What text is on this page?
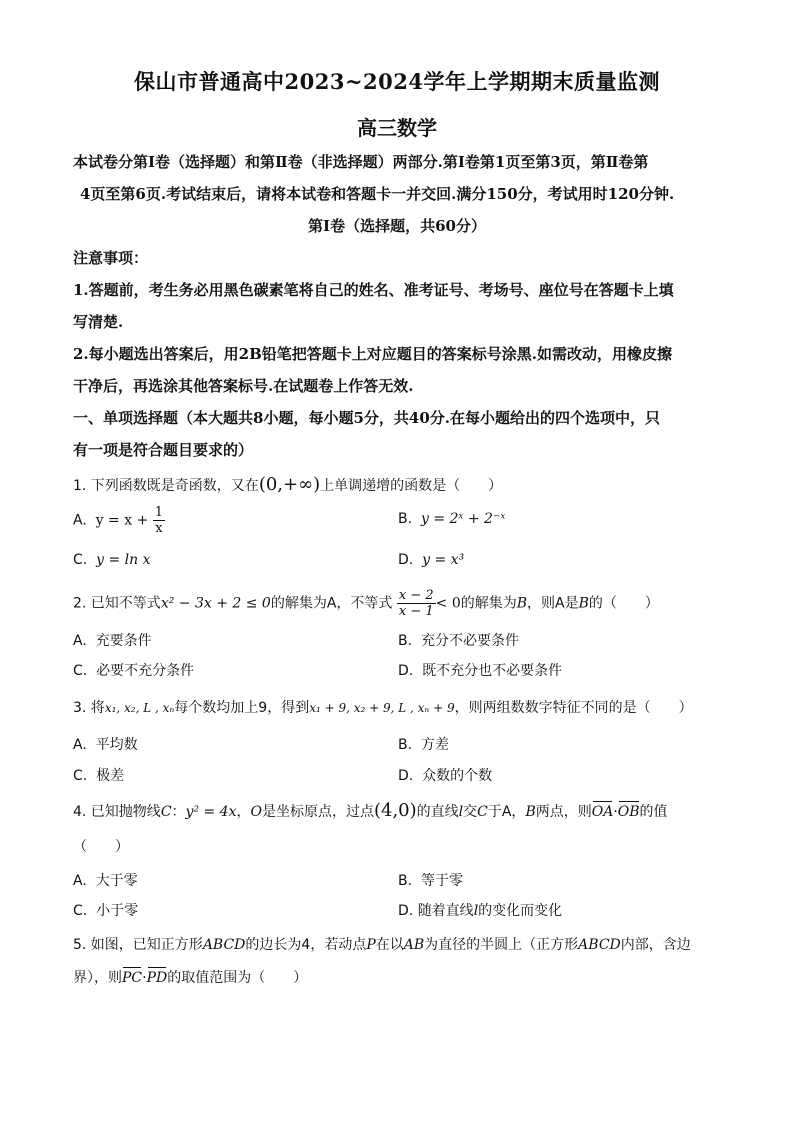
保山市普通高中2023~2024学年上学期期末质量监测
高三数学
本试卷分第Ⅰ卷（选择题）和第Ⅱ卷（非选择题）两部分.第Ⅰ卷第1页至第3页，第Ⅱ卷第
4页至第6页.考试结束后，请将本试卷和答题卡一并交回.满分150分，考试用时120分钟.
第Ⅰ卷（选择题，共60分）
注意事项：
1.答题前，考生务必用黑色碳素笔将自己的姓名、准考证号、考场号、座位号在答题卡上填
写清楚.
2.每小题选出答案后，用2B铅笔把答题卡上对应题目的答案标号涂黑.如需改动，用橡皮擦
干净后，再选涂其他答案标号.在试题卷上作答无效.
一、单项选择题（本大题共8小题，每小题5分，共40分.在每小题给出的四个选项中，只
有一项是符合题目要求的）
1. 下列函数既是奇函数，又在(0,+∞)上单调递增的函数是（　　）
A. $y = x + \frac{1}{x}$	B. y = 2ˣ + 2⁻ˣ
C. y = ln x	D. y = x³
2. 已知不等式x² − 3x + 2 ≤ 0的解集为A，不等式 $\frac{x - 2}{x - 1} < 0$的解集为B，则A是B的（　　）
A. 充要条件	B. 充分不必要条件
C. 必要不充分条件	D. 既不充分也不必要条件
3. 将x₁, x₂, L , xₙ每个数均加上9，得到x₁ + 9, x₂ + 9, L , xₙ + 9，则两组数数字特征不同的是（　　）
A. 平均数	B. 方差
C. 极差	D. 众数的个数
4. 已知抛物线C：y² = 4x，O是坐标原点，过点(4,0)的直线l交C于A，B两点，则OA·OB的值
（　　）
A. 大于零	B. 等于零
C. 小于零	D. 随着直线l的变化而变化
5. 如图，已知正方形ABCD的边长为4，若动点P在以AB为直径的半圆上（正方形ABCD内部，含边
界），则PC·PD的取值范围为（　　）
